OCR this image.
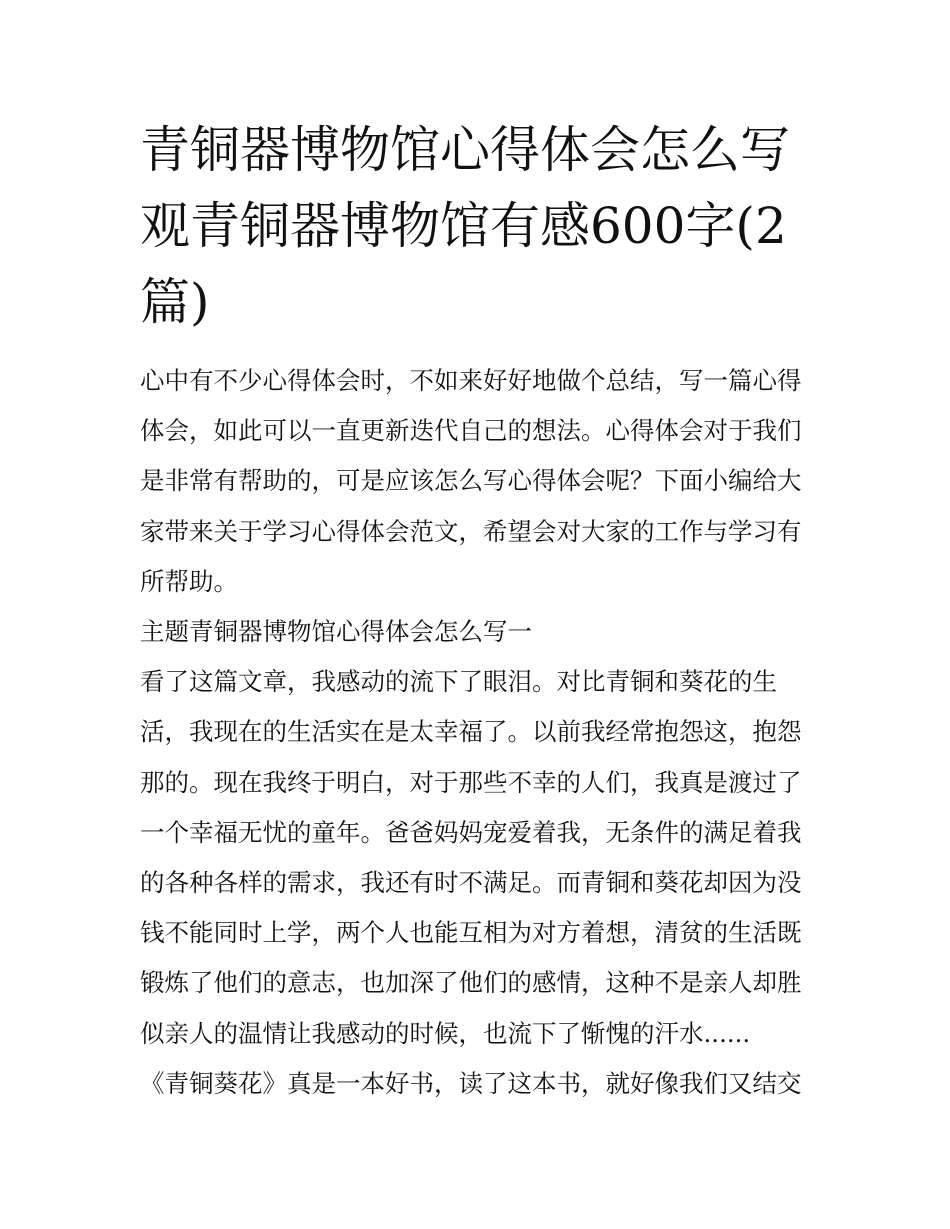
青铜器博物馆心得体会怎么写观青铜器博物馆有感600字(2篇)

心中有不少心得体会时，不如来好好地做个总结，写一篇心得体会，如此可以一直更新迭代自己的想法。心得体会对于我们是非常有帮助的，可是应该怎么写心得体会呢？下面小编给大家带来关于学习心得体会范文，希望会对大家的工作与学习有所帮助。

主题青铜器博物馆心得体会怎么写一

看了这篇文章，我感动的流下了眼泪。对比青铜和葵花的生活，我现在的生活实在是太幸福了。以前我经常抱怨这，抱怨那的。现在我终于明白，对于那些不幸的人们，我真是渡过了一个幸福无忧的童年。爸爸妈妈宠爱着我，无条件的满足着我的各种各样的需求，我还有时不满足。而青铜和葵花却因为没钱不能同时上学，两个人也能互相为对方着想，清贫的生活既锻炼了他们的意志，也加深了他们的感情，这种不是亲人却胜似亲人的温情让我感动的时候，也流下了惭愧的汗水......

《青铜葵花》真是一本好书，读了这本书，就好像我们又结交
